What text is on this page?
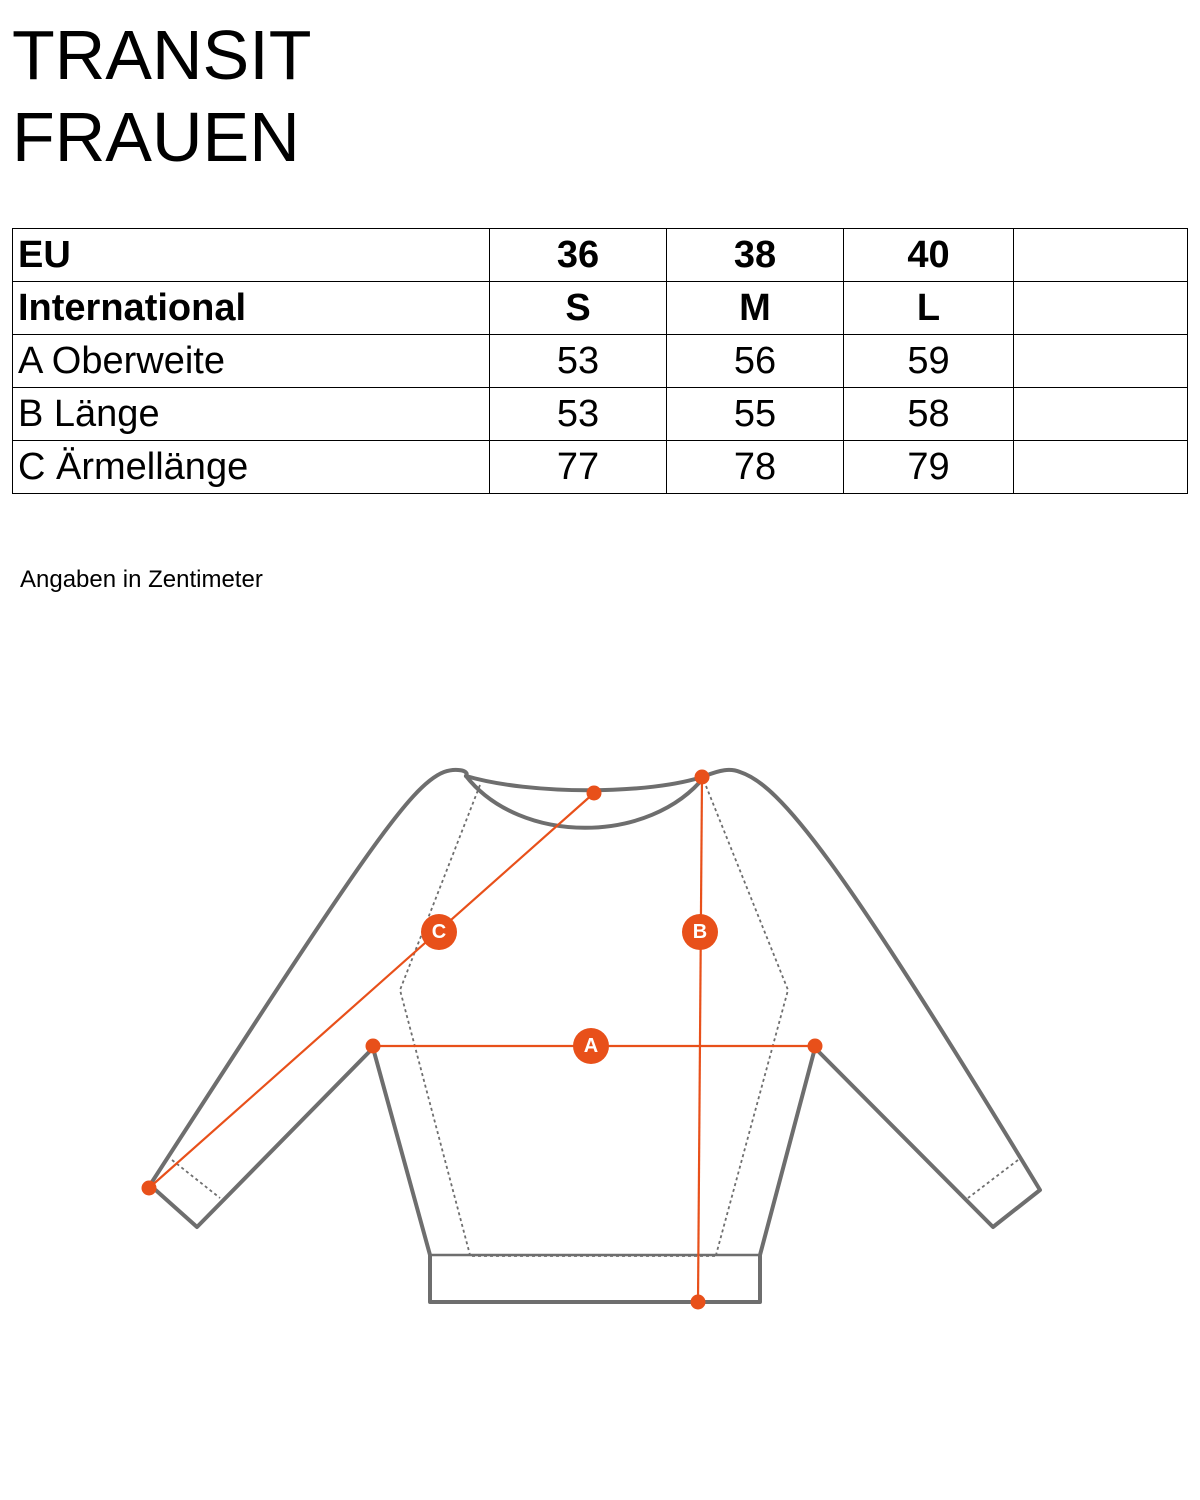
TRANSIT
FRAUEN
EU	36	38	40	
International	S	M	L	
A Oberweite	53	56	59	
B Länge	53	55	58	
C Ärmellänge	77	78	79	
Angaben in Zentimeter
A
B
C
